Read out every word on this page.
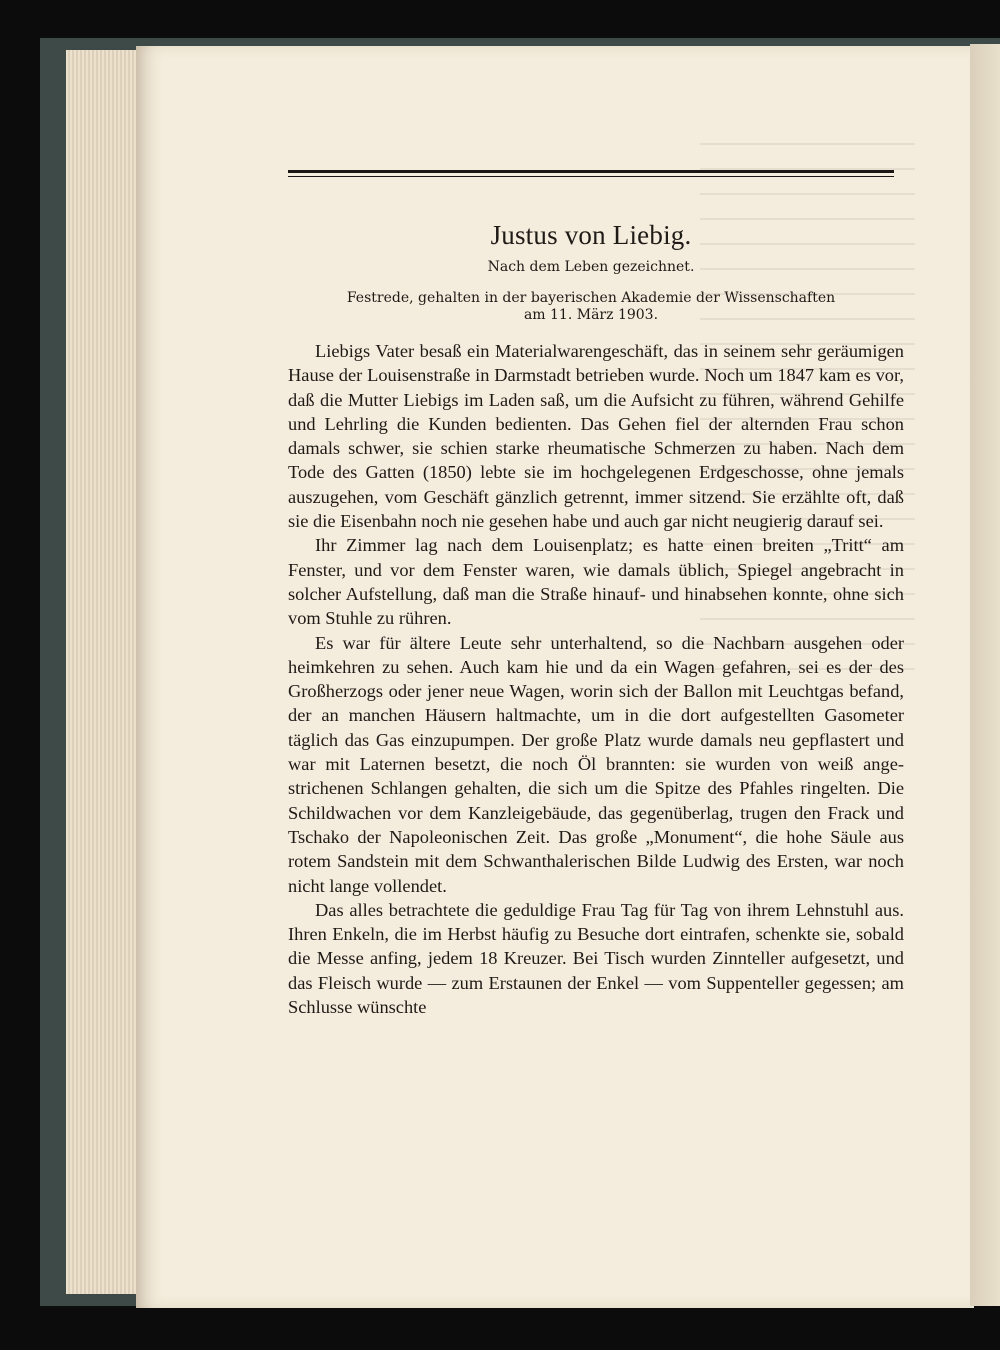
Justus von Liebig.
Nach dem Leben gezeichnet.
Festrede, gehalten in der bayerischen Akademie der Wissenschaften
am 11. März 1903.

Liebigs Vater besaß ein Materialwarengeschäft, das in seinem sehr geräumigen Hause der Louisenstraße in Darmstadt betrieben wurde. Noch um 1847 kam es vor, daß die Mutter Liebigs im Laden saß, um die Aufsicht zu führen, während Gehilfe und Lehrling die Kunden bedienten. Das Gehen fiel der alternden Frau schon damals schwer, sie schien starke rheumatische Schmerzen zu haben. Nach dem Tode des Gatten (1850) lebte sie im hochgelegenen Erdgeschosse, ohne jemals auszugehen, vom Geschäft gänzlich getrennt, immer sitzend. Sie erzählte oft, daß sie die Eisenbahn noch nie gesehen habe und auch gar nicht neugierig darauf sei.

Ihr Zimmer lag nach dem Louisenplatz; es hatte einen breiten „Tritt“ am Fenster, und vor dem Fenster waren, wie damals üblich, Spiegel angebracht in solcher Aufstellung, daß man die Straße hinauf- und hinabsehen konnte, ohne sich vom Stuhle zu rühren.

Es war für ältere Leute sehr unterhaltend, so die Nachbarn ausgehen oder heimkehren zu sehen. Auch kam hie und da ein Wagen gefahren, sei es der des Großherzogs oder jener neue Wagen, worin sich der Ballon mit Leuchtgas befand, der an manchen Häusern haltmachte, um in die dort aufgestellten Gasometer täglich das Gas einzupumpen. Der große Platz wurde damals neu gepflastert und war mit Laternen besetzt, die noch Öl brannten: sie wurden von weiß angestrichenen Schlangen gehalten, die sich um die Spitze des Pfahles ringelten. Die Schildwachen vor dem Kanzleigebäude, das gegenüberlag, trugen den Frack und Tschako der Napoleonischen Zeit. Das große „Monument“, die hohe Säule aus rotem Sandstein mit dem Schwanthalerischen Bilde Ludwig des Ersten, war noch nicht lange vollendet.

Das alles betrachtete die geduldige Frau Tag für Tag von ihrem Lehnstuhl aus. Ihren Enkeln, die im Herbst häufig zu Besuche dort eintrafen, schenkte sie, sobald die Messe anfing, jedem 18 Kreuzer. Bei Tisch wurden Zinnteller aufgesetzt, und das Fleisch wurde — zum Erstaunen der Enkel — vom Suppenteller gegessen; am Schlusse wünschte
